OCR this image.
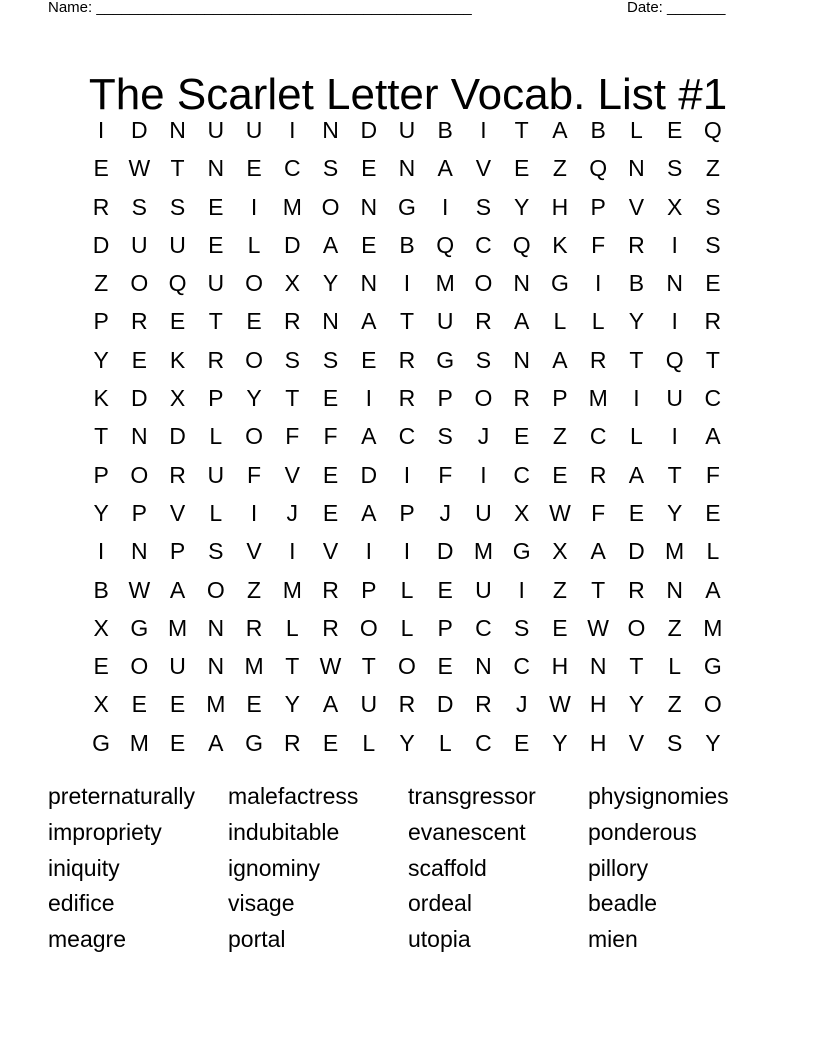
Name: _____________________________________________	Date: _______
The Scarlet Letter Vocab. List #1
I	D N U U	I	N D U B	I	T	A B	L	E Q
E W T N E C S E N A V E	Z Q N S	Z
R S S E	I	M O N G	I	S Y H P V X S
D U U E	L	D A E B Q C Q K	F R	I	S
Z O Q U O X Y N	I	M O N G	I	B N E
P R E	T	E R N A	T U R A	L	L	Y	I	R
Y E K R O S S E R G S N A R T Q T
K D X P Y	T	E	I	R P O R P M	I	U C
T N D	L O F	F	A C S	J	E	Z C	L	I	A
P O R U F	V E D	I	F	I	C E R A	T	F
Y P V	L	I	J	E A P	J	U X W F	E Y E
I	N P S V	I	V	I	I	D M G X A D M L
B W A O Z M R P	L	E U	I	Z	T R N A
X G M N R	L	R O L	P C S E W O Z M
E O U N M T W T O E N C H N T	L G
X E E M E Y A U R D R	J W H Y	Z O
G M E A G R E	L	Y	L	C E Y H V S Y
preternaturally	malefactress	transgressor	physignomies
impropriety	indubitable	evanescent	ponderous
iniquity	ignominy	scaffold	pillory
edifice	visage	ordeal	beadle
meagre	portal	utopia	mien
